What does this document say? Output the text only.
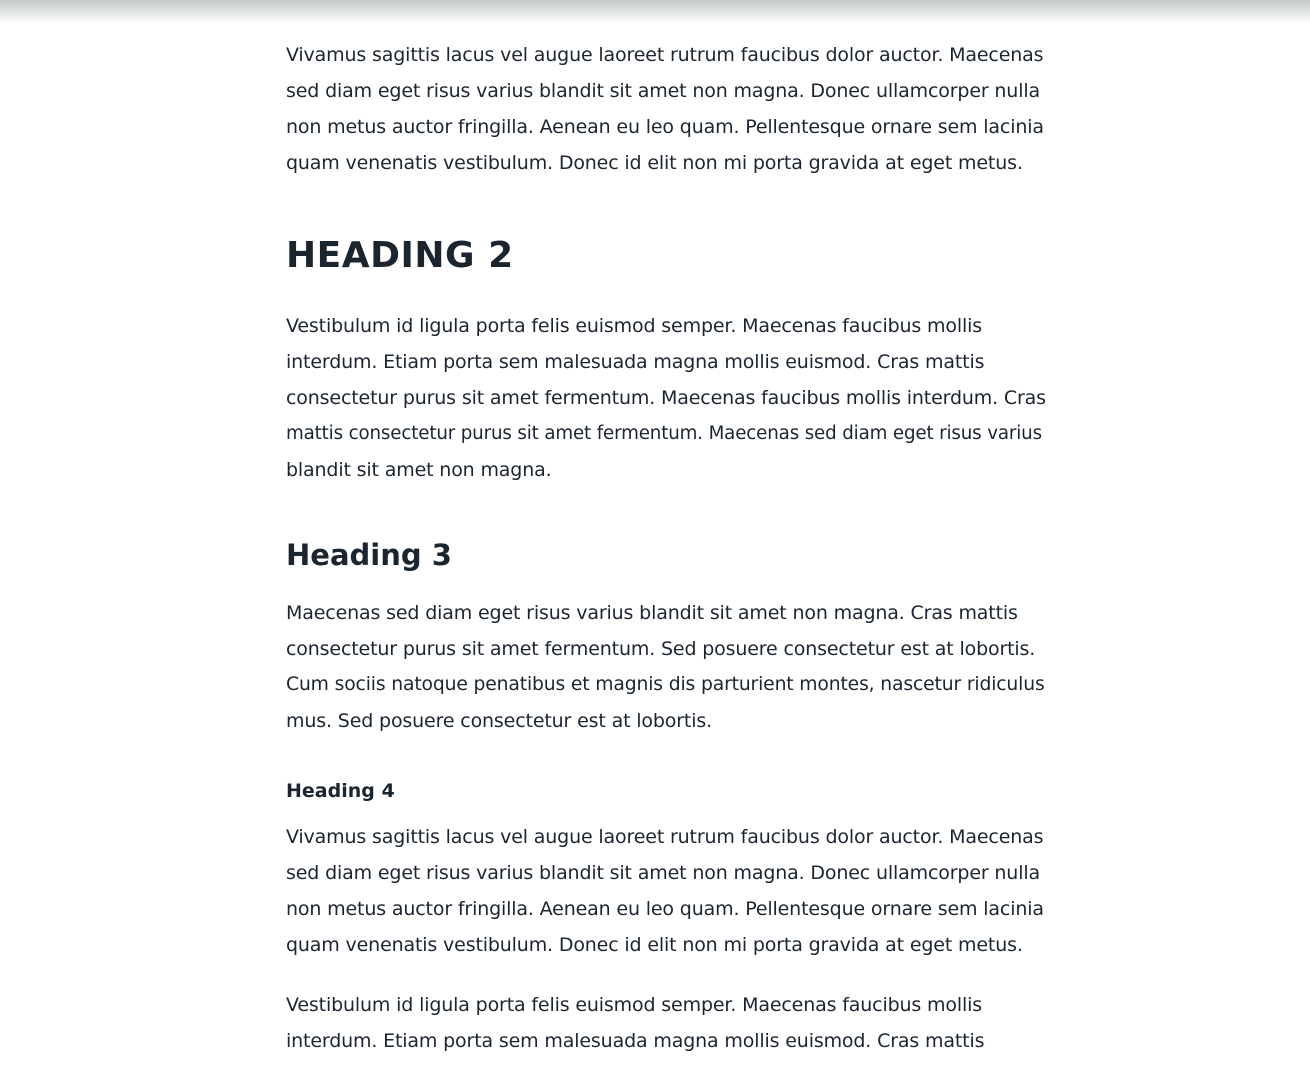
Vivamus sagittis lacus vel augue laoreet rutrum faucibus dolor auctor. Maecenas
sed diam eget risus varius blandit sit amet non magna. Donec ullamcorper nulla
non metus auctor fringilla. Aenean eu leo quam. Pellentesque ornare sem lacinia
quam venenatis vestibulum. Donec id elit non mi porta gravida at eget metus.

HEADING 2

Vestibulum id ligula porta felis euismod semper. Maecenas faucibus mollis
interdum. Etiam porta sem malesuada magna mollis euismod. Cras mattis
consectetur purus sit amet fermentum. Maecenas faucibus mollis interdum. Cras
mattis consectetur purus sit amet fermentum. Maecenas sed diam eget risus varius
blandit sit amet non magna.

Heading 3

Maecenas sed diam eget risus varius blandit sit amet non magna. Cras mattis
consectetur purus sit amet fermentum. Sed posuere consectetur est at lobortis.
Cum sociis natoque penatibus et magnis dis parturient montes, nascetur ridiculus
mus. Sed posuere consectetur est at lobortis.

Heading 4

Vivamus sagittis lacus vel augue laoreet rutrum faucibus dolor auctor. Maecenas
sed diam eget risus varius blandit sit amet non magna. Donec ullamcorper nulla
non metus auctor fringilla. Aenean eu leo quam. Pellentesque ornare sem lacinia
quam venenatis vestibulum. Donec id elit non mi porta gravida at eget metus.

Vestibulum id ligula porta felis euismod semper. Maecenas faucibus mollis
interdum. Etiam porta sem malesuada magna mollis euismod. Cras mattis
